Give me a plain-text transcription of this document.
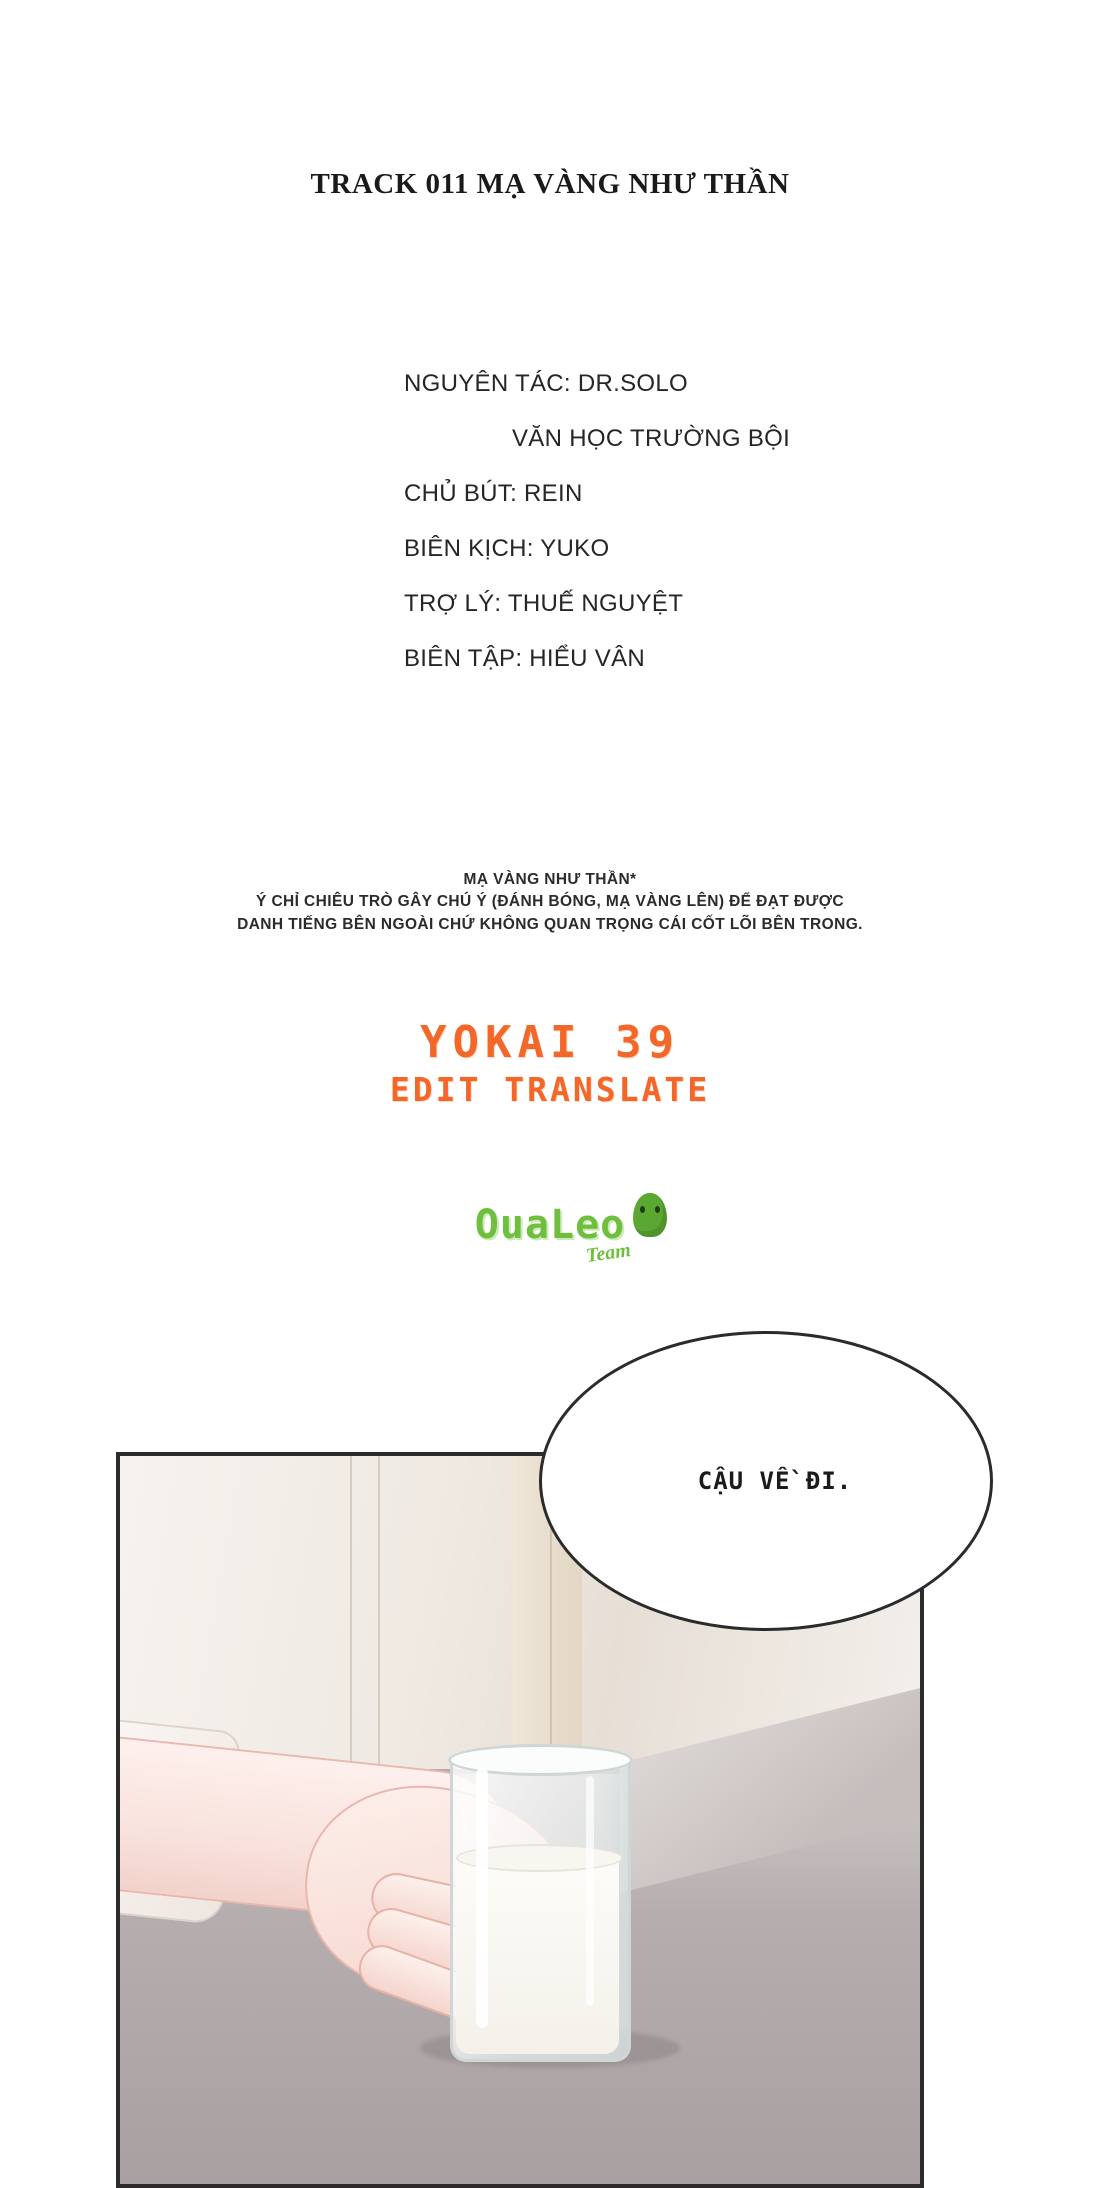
TRACK 011 MẠ VÀNG NHƯ THẦN
NGUYÊN TÁC: DR.SOLO
VĂN HỌC TRƯỜNG BỘI
CHỦ BÚT: REIN
BIÊN KỊCH: YUKO
TRỢ LÝ: THUẾ NGUYỆT
BIÊN TẬP: HIỂU VÂN
MẠ VÀNG NHƯ THẦN*
Ý CHỈ CHIÊU TRÒ GÂY CHÚ Ý (ĐÁNH BÓNG, MẠ VÀNG LÊN) ĐỂ ĐẠT ĐƯỢC
DANH TIẾNG BÊN NGOÀI CHỨ KHÔNG QUAN TRỌNG CÁI CỐT LÕI BÊN TRONG.
YOKAI 39
EDIT TRANSLATE
OuaLeo
Team
CẬU VỀ ĐI.
